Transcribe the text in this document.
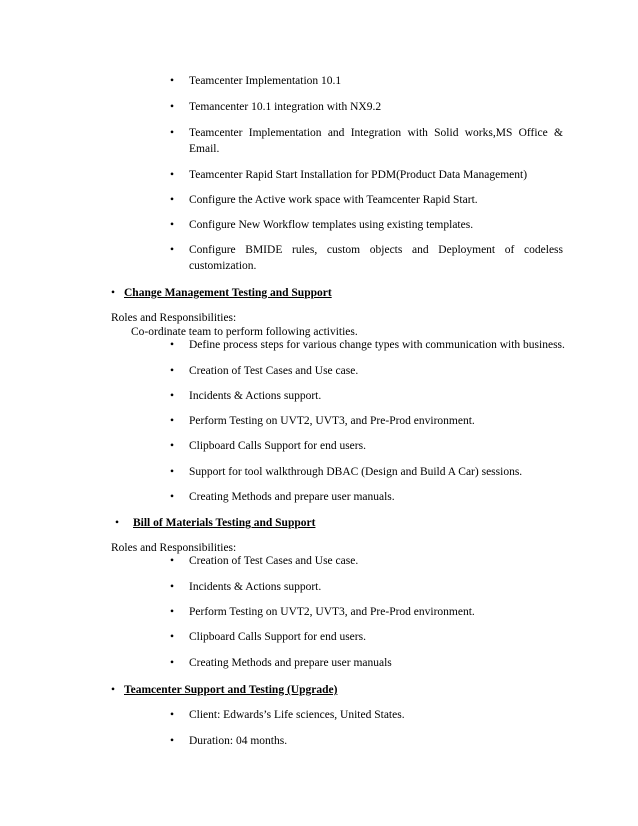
• Teamcenter Implementation 10.1
• Temancenter 10.1 integration with NX9.2
• Teamcenter Implementation and Integration with Solid works,MS Office &
Email.
• Teamcenter Rapid Start Installation for PDM(Product Data Management)
• Configure the Active work space with Teamcenter Rapid Start.
• Configure New Workflow templates using existing templates.
• Configure BMIDE rules, custom objects and Deployment of codeless
customization.
• Change Management Testing and Support
Roles and Responsibilities:
Co-ordinate team to perform following activities.
• Define process steps for various change types with communication with business.
• Creation of Test Cases and Use case.
• Incidents & Actions support.
• Perform Testing on UVT2, UVT3, and Pre-Prod environment.
• Clipboard Calls Support for end users.
• Support for tool walkthrough DBAC (Design and Build A Car) sessions.
• Creating Methods and prepare user manuals.
• Bill of Materials Testing and Support
Roles and Responsibilities:
• Creation of Test Cases and Use case.
• Incidents & Actions support.
• Perform Testing on UVT2, UVT3, and Pre-Prod environment.
• Clipboard Calls Support for end users.
• Creating Methods and prepare user manuals
• Teamcenter Support and Testing (Upgrade)
• Client: Edwards’s Life sciences, United States.
• Duration: 04 months.
